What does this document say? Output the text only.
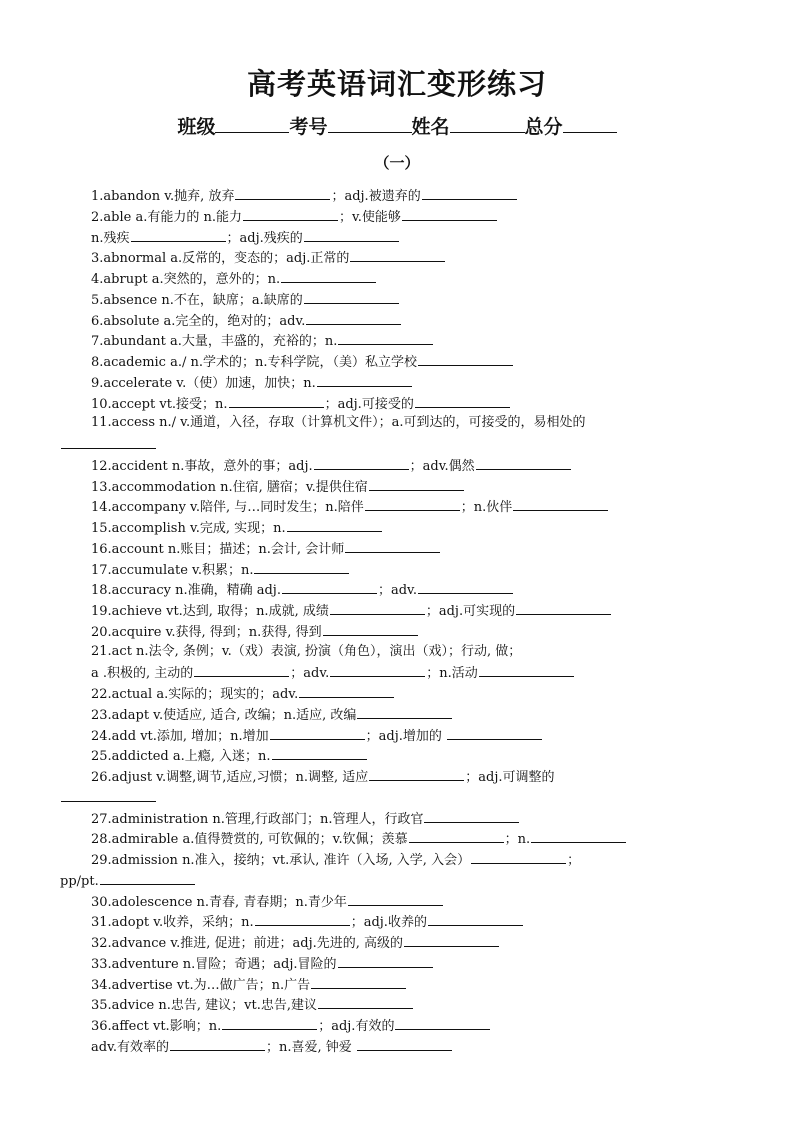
高考英语词汇变形练习
班级	考号	姓名	总分
（一）
1.abandon v.抛弃, 放弃	；adj.被遗弃的
2.able a.有能力的 n.能力	；v.使能够
n.残疾	；adj.残疾的
3.abnormal a.反常的，变态的；adj.正常的
4.abrupt a.突然的，意外的；n.
5.absence n.不在，缺席；a.缺席的
6.absolute a.完全的，绝对的；adv.
7.abundant a.大量，丰盛的，充裕的；n.
8.academic a./ n.学术的；n.专科学院，（美）私立学校
9.accelerate v.（使）加速，加快；n.
10.accept vt.接受；n.	；adj.可接受的
11.access n./ v.通道，入径，存取（计算机文件）；a.可到达的，可接受的，易相处的
12.accident n.事故，意外的事；adj.	；adv.偶然
13.accommodation n.住宿, 膳宿；v.提供住宿
14.accompany v.陪伴, 与…同时发生；n.陪伴	；n.伙伴
15.accomplish v.完成, 实现；n.
16.account n.账目；描述；n.会计, 会计师
17.accumulate v.积累；n.
18.accuracy n.准确，精确 adj.	；adv.
19.achieve vt.达到, 取得；n.成就, 成绩	；adj.可实现的
20.acquire v.获得, 得到；n.获得, 得到
21.act n.法令, 条例；v.（戏）表演, 扮演（角色），演出（戏）；行动, 做；
a .积极的, 主动的	；adv.	；n.活动
22.actual a.实际的；现实的；adv.
23.adapt v.使适应, 适合, 改编；n.适应, 改编
24.add vt.添加, 增加；n.增加	；adj.增加的
25.addicted a.上瘾, 入迷；n.
26.adjust v.调整,调节,适应,习惯；n.调整, 适应	；adj.可调整的
27.administration n.管理,行政部门；n.管理人，行政官
28.admirable a.值得赞赏的, 可钦佩的；v.钦佩；羡慕	；n.
29.admission n.准入，接纳；vt.承认, 准许（入场, 入学, 入会）	；
pp/pt.
30.adolescence n.青春, 青春期；n.青少年
31.adopt v.收养，采纳；n.	；adj.收养的
32.advance v.推进, 促进；前进；adj.先进的, 高级的
33.adventure n.冒险；奇遇；adj.冒险的
34.advertise vt.为…做广告；n.广告
35.advice n.忠告, 建议；vt.忠告,建议
36.affect vt.影响；n.	；adj.有效的
adv.有效率的	；n.喜爱, 钟爱
